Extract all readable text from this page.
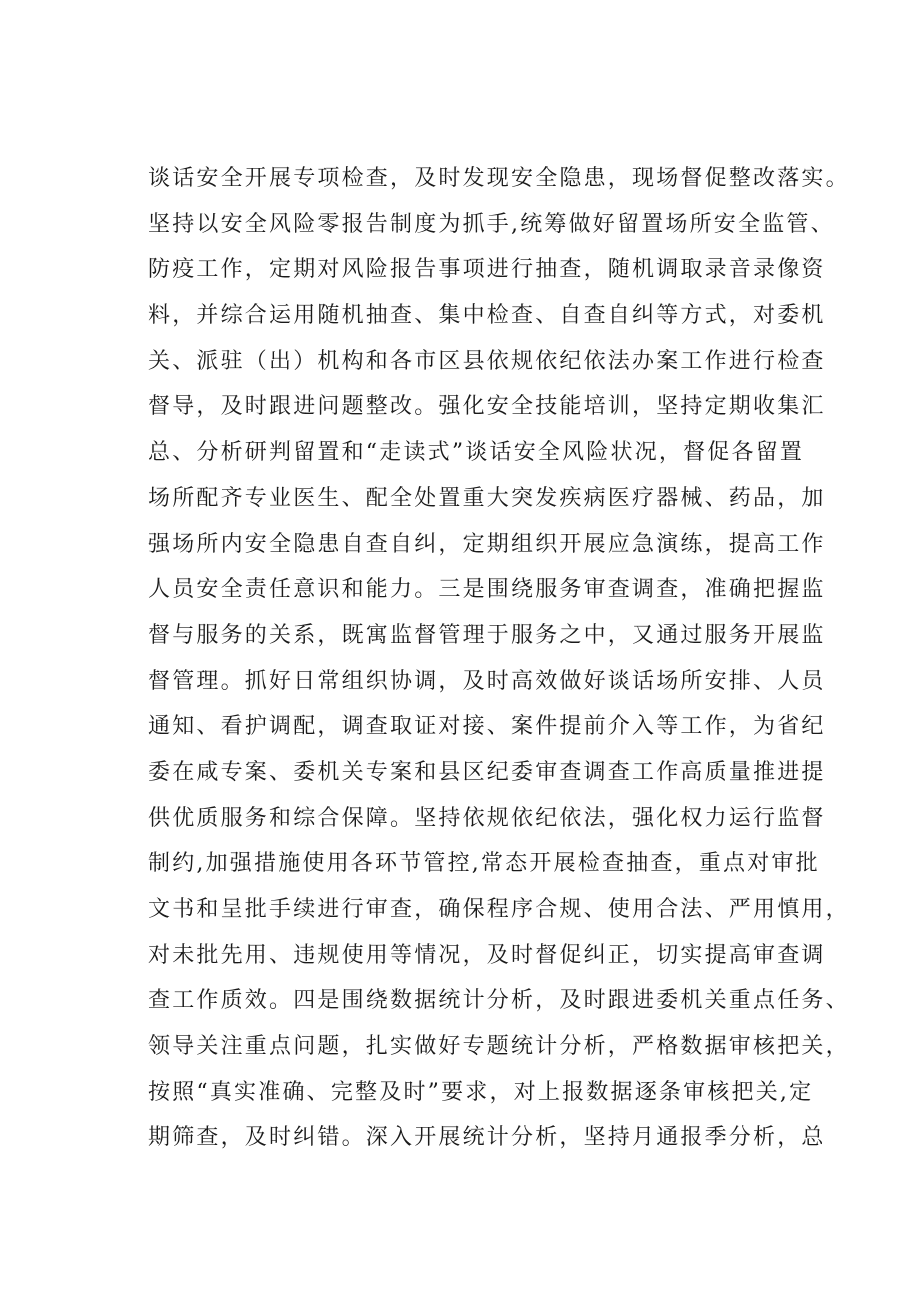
谈话安全开展专项检查，及时发现安全隐患，现场督促整改落实。
坚持以安全风险零报告制度为抓手,统筹做好留置场所安全监管、
防疫工作，定期对风险报告事项进行抽查，随机调取录音录像资
料，并综合运用随机抽查、集中检查、自查自纠等方式，对委机
关、派驻（出）机构和各市区县依规依纪依法办案工作进行检查
督导，及时跟进问题整改。强化安全技能培训，坚持定期收集汇
总、分析研判留置和“走读式”谈话安全风险状况，督促各留置
场所配齐专业医生、配全处置重大突发疾病医疗器械、药品，加
强场所内安全隐患自查自纠，定期组织开展应急演练，提高工作
人员安全责任意识和能力。三是围绕服务审查调查，准确把握监
督与服务的关系，既寓监督管理于服务之中，又通过服务开展监
督管理。抓好日常组织协调，及时高效做好谈话场所安排、人员
通知、看护调配，调查取证对接、案件提前介入等工作，为省纪
委在咸专案、委机关专案和县区纪委审查调查工作高质量推进提
供优质服务和综合保障。坚持依规依纪依法，强化权力运行监督
制约,加强措施使用各环节管控,常态开展检查抽查，重点对审批
文书和呈批手续进行审查，确保程序合规、使用合法、严用慎用，
对未批先用、违规使用等情况，及时督促纠正，切实提高审查调
查工作质效。四是围绕数据统计分析，及时跟进委机关重点任务、
领导关注重点问题，扎实做好专题统计分析，严格数据审核把关，
按照“真实准确、完整及时”要求，对上报数据逐条审核把关,定
期筛查，及时纠错。深入开展统计分析，坚持月通报季分析，总
